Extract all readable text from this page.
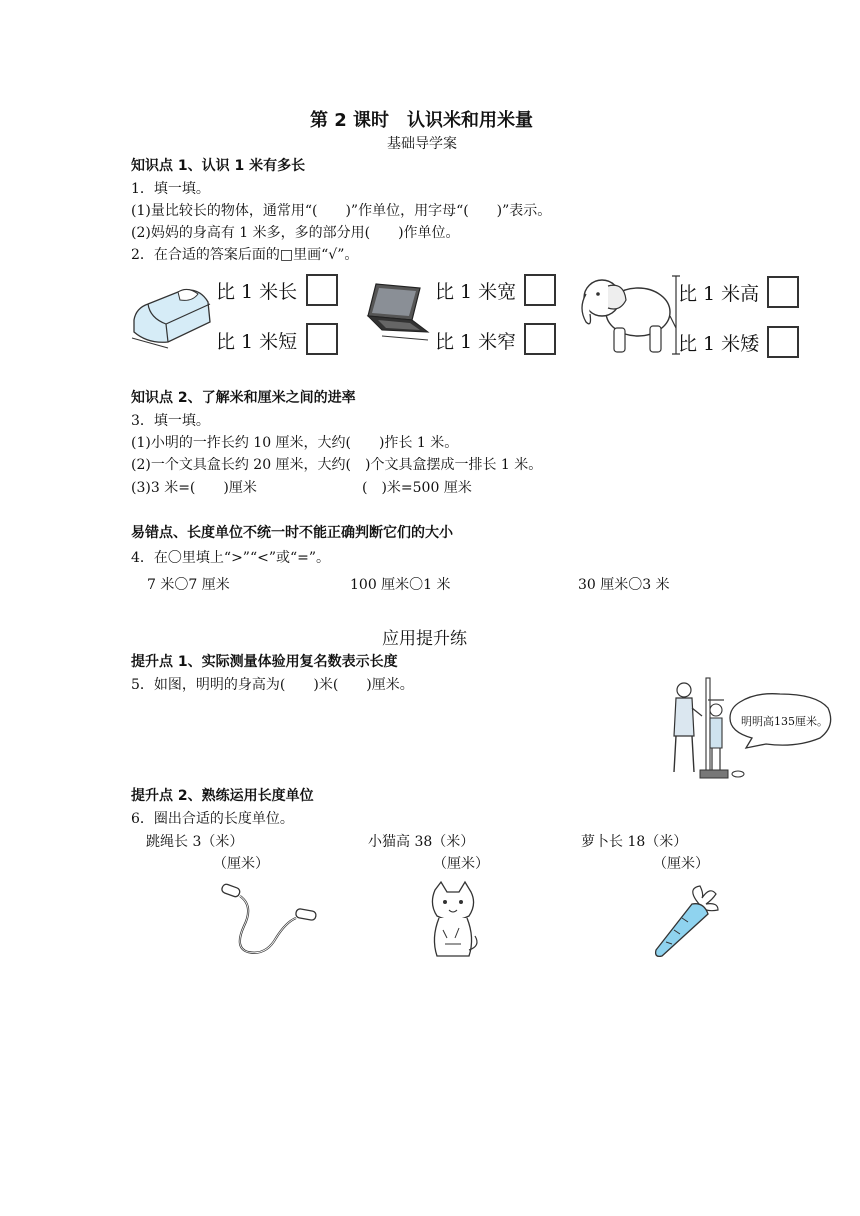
第 2 课时　认识米和用米量
基础导学案
知识点 1、认识 1 米有多长
1．填一填。
(1)量比较长的物体，通常用“(　　)”作单位，用字母“(　　)”表示。
(2)妈妈的身高有 1 米多，多的部分用(　　)作单位。
2．在合适的答案后面的□里画“√”。
比 1 米长
比 1 米短
比 1 米宽
比 1 米窄
比 1 米高
比 1 米矮
知识点 2、了解米和厘米之间的进率
3．填一填。
(1)小明的一拃长约 10 厘米，大约(　　)拃长 1 米。
(2)一个文具盒长约 20 厘米，大约(　)个文具盒摆成一排长 1 米。
(3)3 米=(　　)厘米	(　)米=500 厘米
易错点、长度单位不统一时不能正确判断它们的大小
4．在〇里填上“>”“<”或“=”。
7 米〇7 厘米	100 厘米〇1 米	30 厘米〇3 米
应用提升练
提升点 1、实际测量体验用复名数表示长度
5．如图，明明的身高为(　　)米(　　)厘米。
明明高135厘米。
提升点 2、熟练运用长度单位
6．圈出合适的长度单位。
跳绳长 3（米）
（厘米）
小猫高 38（米）
（厘米）
萝卜长 18（米）
（厘米）
